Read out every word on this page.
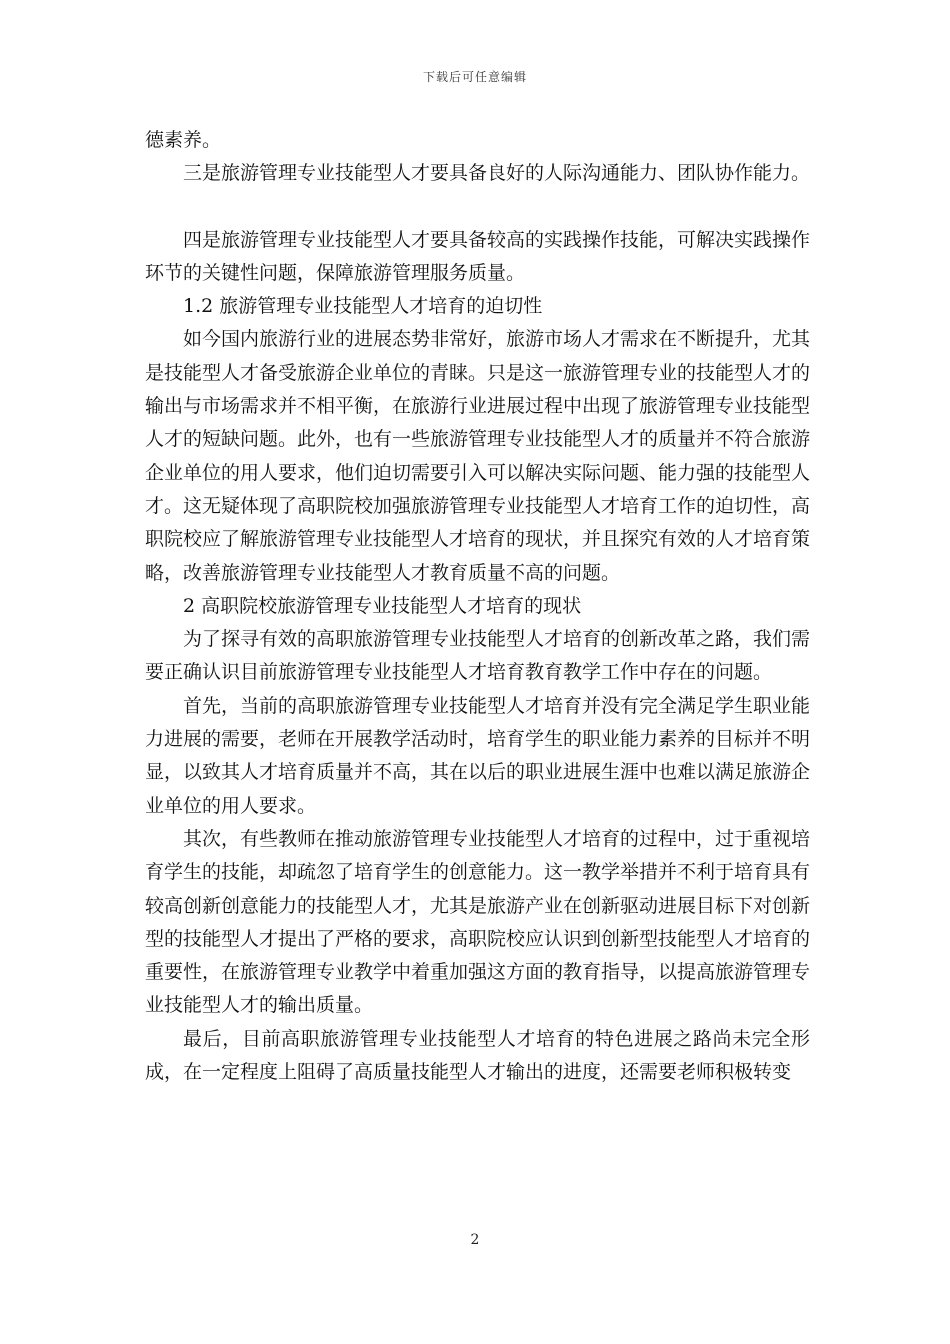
下载后可任意编辑

德素养。

三是旅游管理专业技能型人才要具备良好的人际沟通能力、团队协作能力。

四是旅游管理专业技能型人才要具备较高的实践操作技能，可解决实践操作环节的关键性问题，保障旅游管理服务质量。

1.2 旅游管理专业技能型人才培育的迫切性

如今国内旅游行业的进展态势非常好，旅游市场人才需求在不断提升，尤其是技能型人才备受旅游企业单位的青睐。只是这一旅游管理专业的技能型人才的输出与市场需求并不相平衡，在旅游行业进展过程中出现了旅游管理专业技能型人才的短缺问题。此外，也有一些旅游管理专业技能型人才的质量并不符合旅游企业单位的用人要求，他们迫切需要引入可以解决实际问题、能力强的技能型人才。这无疑体现了高职院校加强旅游管理专业技能型人才培育工作的迫切性，高职院校应了解旅游管理专业技能型人才培育的现状，并且探究有效的人才培育策略，改善旅游管理专业技能型人才教育质量不高的问题。

2 高职院校旅游管理专业技能型人才培育的现状

为了探寻有效的高职旅游管理专业技能型人才培育的创新改革之路，我们需要正确认识目前旅游管理专业技能型人才培育教育教学工作中存在的问题。

首先，当前的高职旅游管理专业技能型人才培育并没有完全满足学生职业能力进展的需要，老师在开展教学活动时，培育学生的职业能力素养的目标并不明显，以致其人才培育质量并不高，其在以后的职业进展生涯中也难以满足旅游企业单位的用人要求。

其次，有些教师在推动旅游管理专业技能型人才培育的过程中，过于重视培育学生的技能，却疏忽了培育学生的创意能力。这一教学举措并不利于培育具有较高创新创意能力的技能型人才，尤其是旅游产业在创新驱动进展目标下对创新型的技能型人才提出了严格的要求，高职院校应认识到创新型技能型人才培育的重要性，在旅游管理专业教学中着重加强这方面的教育指导，以提高旅游管理专业技能型人才的输出质量。

最后，目前高职旅游管理专业技能型人才培育的特色进展之路尚未完全形成，在一定程度上阻碍了高质量技能型人才输出的进度，还需要老师积极转变

2
